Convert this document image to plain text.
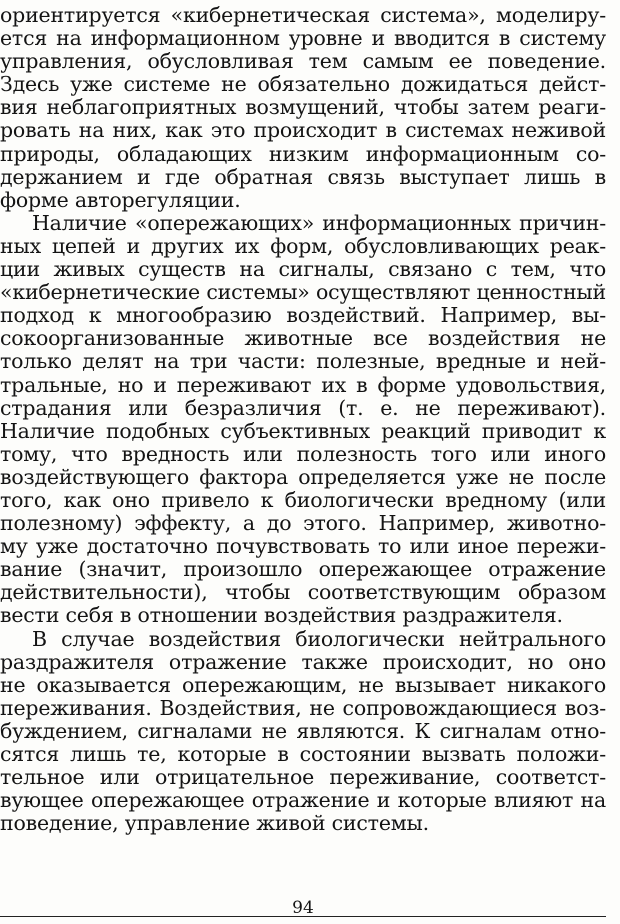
ориентируется «кибернетическая система», моделиру-
ется на информационном уровне и вводится в систему
управления, обусловливая тем самым ее поведение.
Здесь уже системе не обязательно дожидаться дейст-
вия неблагоприятных возмущений, чтобы затем реаги-
ровать на них, как это происходит в системах неживой
природы, обладающих низким информационным со-
держанием и где обратная связь выступает лишь в
форме авторегуляции.
Наличие «опережающих» информационных причин-
ных цепей и других их форм, обусловливающих реак-
ции живых существ на сигналы, связано с тем, что
«кибернетические системы» осуществляют ценностный
подход к многообразию воздействий. Например, вы-
сокоорганизованные животные все воздействия не
только делят на три части: полезные, вредные и ней-
тральные, но и переживают их в форме удовольствия,
страдания или безразличия (т. е. не переживают).
Наличие подобных субъективных реакций приводит к
тому, что вредность или полезность того или иного
воздействующего фактора определяется уже не после
того, как оно привело к биологически вредному (или
полезному) эффекту, а до этого. Например, животно-
му уже достаточно почувствовать то или иное пережи-
вание (значит, произошло опережающее отражение
действительности), чтобы соответствующим образом
вести себя в отношении воздействия раздражителя.
В случае воздействия биологически нейтрального
раздражителя отражение также происходит, но оно
не оказывается опережающим, не вызывает никакого
переживания. Воздействия, не сопровождающиеся воз-
буждением, сигналами не являются. К сигналам отно-
сятся лишь те, которые в состоянии вызвать положи-
тельное или отрицательное переживание, соответст-
вующее опережающее отражение и которые влияют на
поведение, управление живой системы.
94
